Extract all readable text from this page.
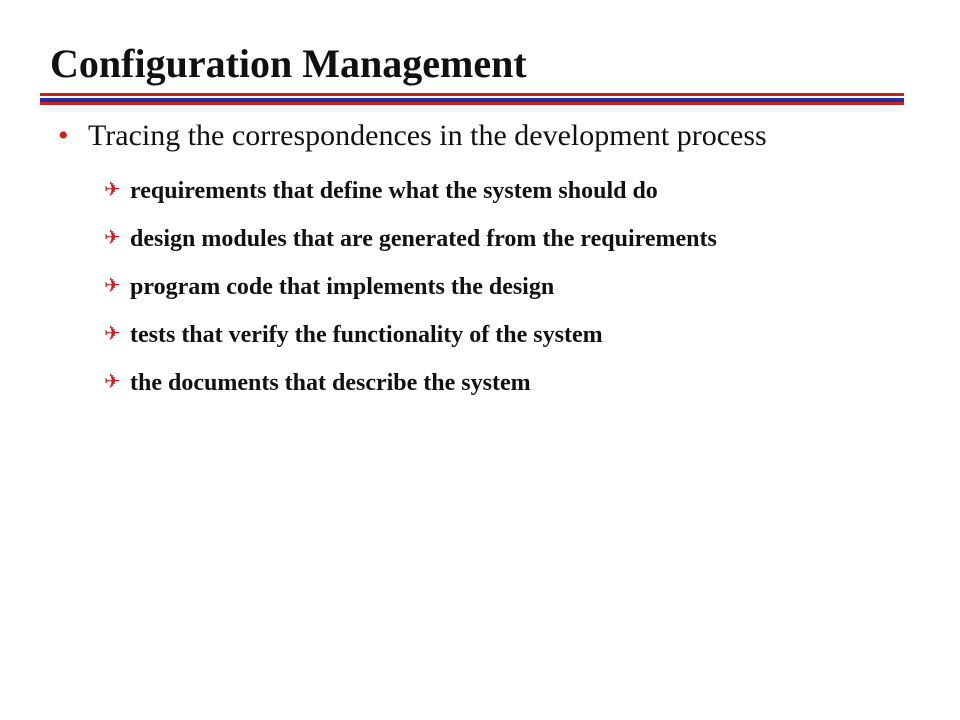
Configuration Management
• Tracing the correspondences in the development process
✈ requirements that define what the system should do
✈ design modules that are generated from the requirements
✈ program code that implements the design
✈ tests that verify the functionality of the system
✈ the documents that describe the system
